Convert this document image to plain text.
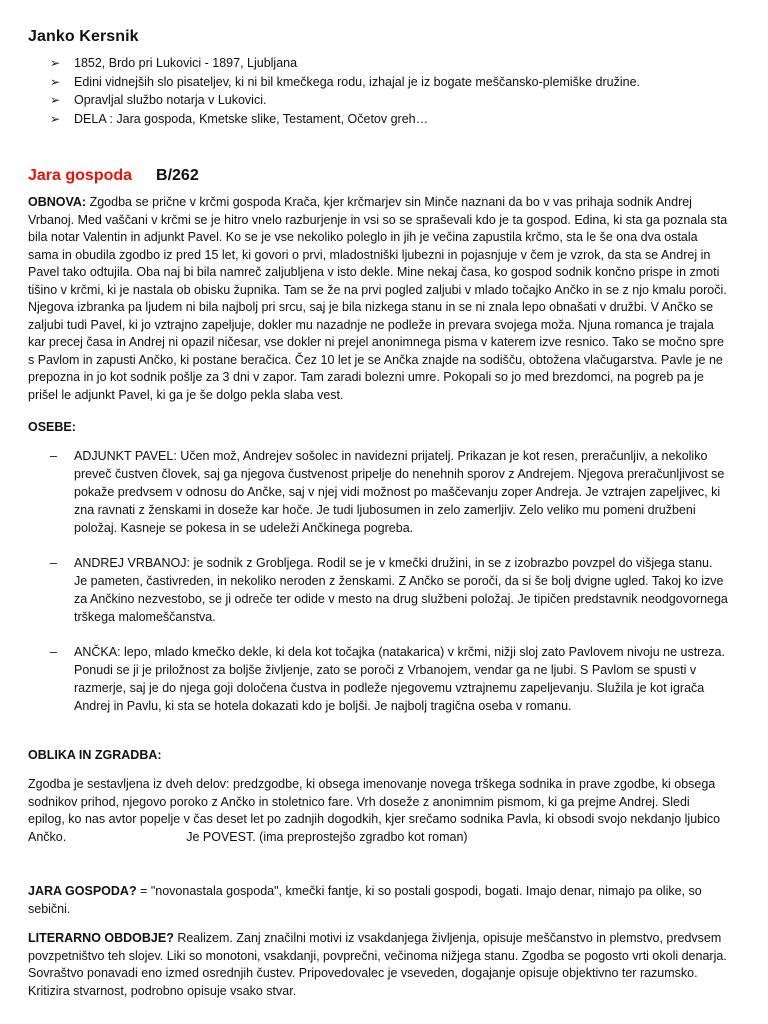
Janko Kersnik
➢ 1852, Brdo pri Lukovici - 1897, Ljubljana
➢ Edini vidnejših slo pisateljev, ki ni bil kmečkega rodu, izhajal je iz bogate meščansko-plemiške družine.
➢ Opravljal službo notarja v Lukovici.
➢ DELA : Jara gospoda, Kmetske slike, Testament, Očetov greh…
Jara gospoda B/262

OBNOVA: Zgodba se prične v krčmi gospoda Krača, kjer krčmarjev sin Minče naznani da bo v vas prihaja sodnik Andrej Vrbanoj. Med vaščani v krčmi se je hitro vnelo razburjenje in vsi so se spraševali kdo je ta gospod. Edina, ki sta ga poznala sta bila notar Valentin in adjunkt Pavel. Ko se je vse nekoliko poleglo in jih je večina zapustila krčmo, sta le še ona dva ostala sama in obudila zgodbo iz pred 15 let, ki govori o prvi, mladostniški ljubezni in pojasnjuje v čem je vzrok, da sta se Andrej in Pavel tako odtujila. Oba naj bi bila namreč zaljubljena v isto dekle. Mine nekaj časa, ko gospod sodnik končno prispe in zmoti tišino v krčmi, ki je nastala ob obisku župnika. Tam se že na prvi pogled zaljubi v mlado točajko Ančko in se z njo kmalu poroči. Njegova izbranka pa ljudem ni bila najbolj pri srcu, saj je bila nizkega stanu in se ni znala lepo obnašati v družbi. V Ančko se zaljubi tudi Pavel, ki jo vztrajno zapeljuje, dokler mu nazadnje ne podleže in prevara svojega moža. Njuna romanca je trajala kar precej časa in Andrej ni opazil ničesar, vse dokler ni prejel anonimnega pisma v katerem izve resnico. Tako se močno spre s Pavlom in zapusti Ančko, ki postane beračica. Čez 10 let je se Ančka znajde na sodišču, obtožena vlačugarstva. Pavle je ne prepozna in jo kot sodnik pošlje za 3 dni v zapor. Tam zaradi bolezni umre. Pokopali so jo med brezdomci, na pogreb pa je prišel le adjunkt Pavel, ki ga je še dolgo pekla slaba vest.

OSEBE:
– ADJUNKT PAVEL: Učen mož, Andrejev sošolec in navidezni prijatelj. Prikazan je kot resen, preračunljiv, a nekoliko preveč čustven človek, saj ga njegova čustvenost pripelje do nenehnih sporov z Andrejem. Njegova preračunljivost se pokaže predvsem v odnosu do Ančke, saj v njej vidi možnost po maščevanju zoper Andreja. Je vztrajen zapeljivec, ki zna ravnati z ženskami in doseže kar hoče. Je tudi ljubosumen in zelo zamerljiv. Zelo veliko mu pomeni družbeni položaj. Kasneje se pokesa in se udeleži Ančkinega pogreba.
– ANDREJ VRBANOJ: je sodnik z Grobljega. Rodil se je v kmečki družini, in se z izobrazbo povzpel do višjega stanu. Je pameten, častivreden, in nekoliko neroden z ženskami. Z Ančko se poroči, da si še bolj dvigne ugled. Takoj ko izve za Ančkino nezvestobo, se ji odreče ter odide v mesto na drug službeni položaj. Je tipičen predstavnik neodgovornega trškega malomeščanstva.
– ANČKA: lepo, mlado kmečko dekle, ki dela kot točajka (natakarica) v krčmi, nižji sloj zato Pavlovem nivoju ne ustreza. Ponudi se ji je priložnost za boljše življenje, zato se poroči z Vrbanojem, vendar ga ne ljubi. S Pavlom se spusti v razmerje, saj je do njega goji določena čustva in podleže njegovemu vztrajnemu zapeljevanju. Služila je kot igrača Andrej in Pavlu, ki sta se hotela dokazati kdo je boljši. Je najbolj tragična oseba v romanu.
OBLIKA IN ZGRADBA:

Zgodba je sestavljena iz dveh delov: predzgodbe, ki obsega imenovanje novega trškega sodnika in prave zgodbe, ki obsega sodnikov prihod, njegovo poroko z Ančko in stoletnico fare. Vrh doseže z anonimnim pismom, ki ga prejme Andrej. Sledi epilog, ko nas avtor popelje v čas deset let po zadnjih dogodkih, kjer srečamo sodnika Pavla, ki obsodi svojo nekdanjo ljubico Ančko.	Je POVEST. (ima preprostejšo zgradbo kot roman)

JARA GOSPODA? = "novonastala gospoda", kmečki fantje, ki so postali gospodi, bogati. Imajo denar, nimajo pa olike, so sebični.

LITERARNO OBDOBJE? Realizem. Zanj značilni motivi iz vsakdanjega življenja, opisuje meščanstvo in plemstvo, predvsem povzpetništvo teh slojev. Liki so monotoni, vsakdanji, povprečni, večinoma nižjega stanu. Zgodba se pogosto vrti okoli denarja. Sovraštvo ponavadi eno izmed osrednjih čustev. Pripovedovalec je vseveden, dogajanje opisuje objektivno ter razumsko. Kritizira stvarnost, podrobno opisuje vsako stvar.
